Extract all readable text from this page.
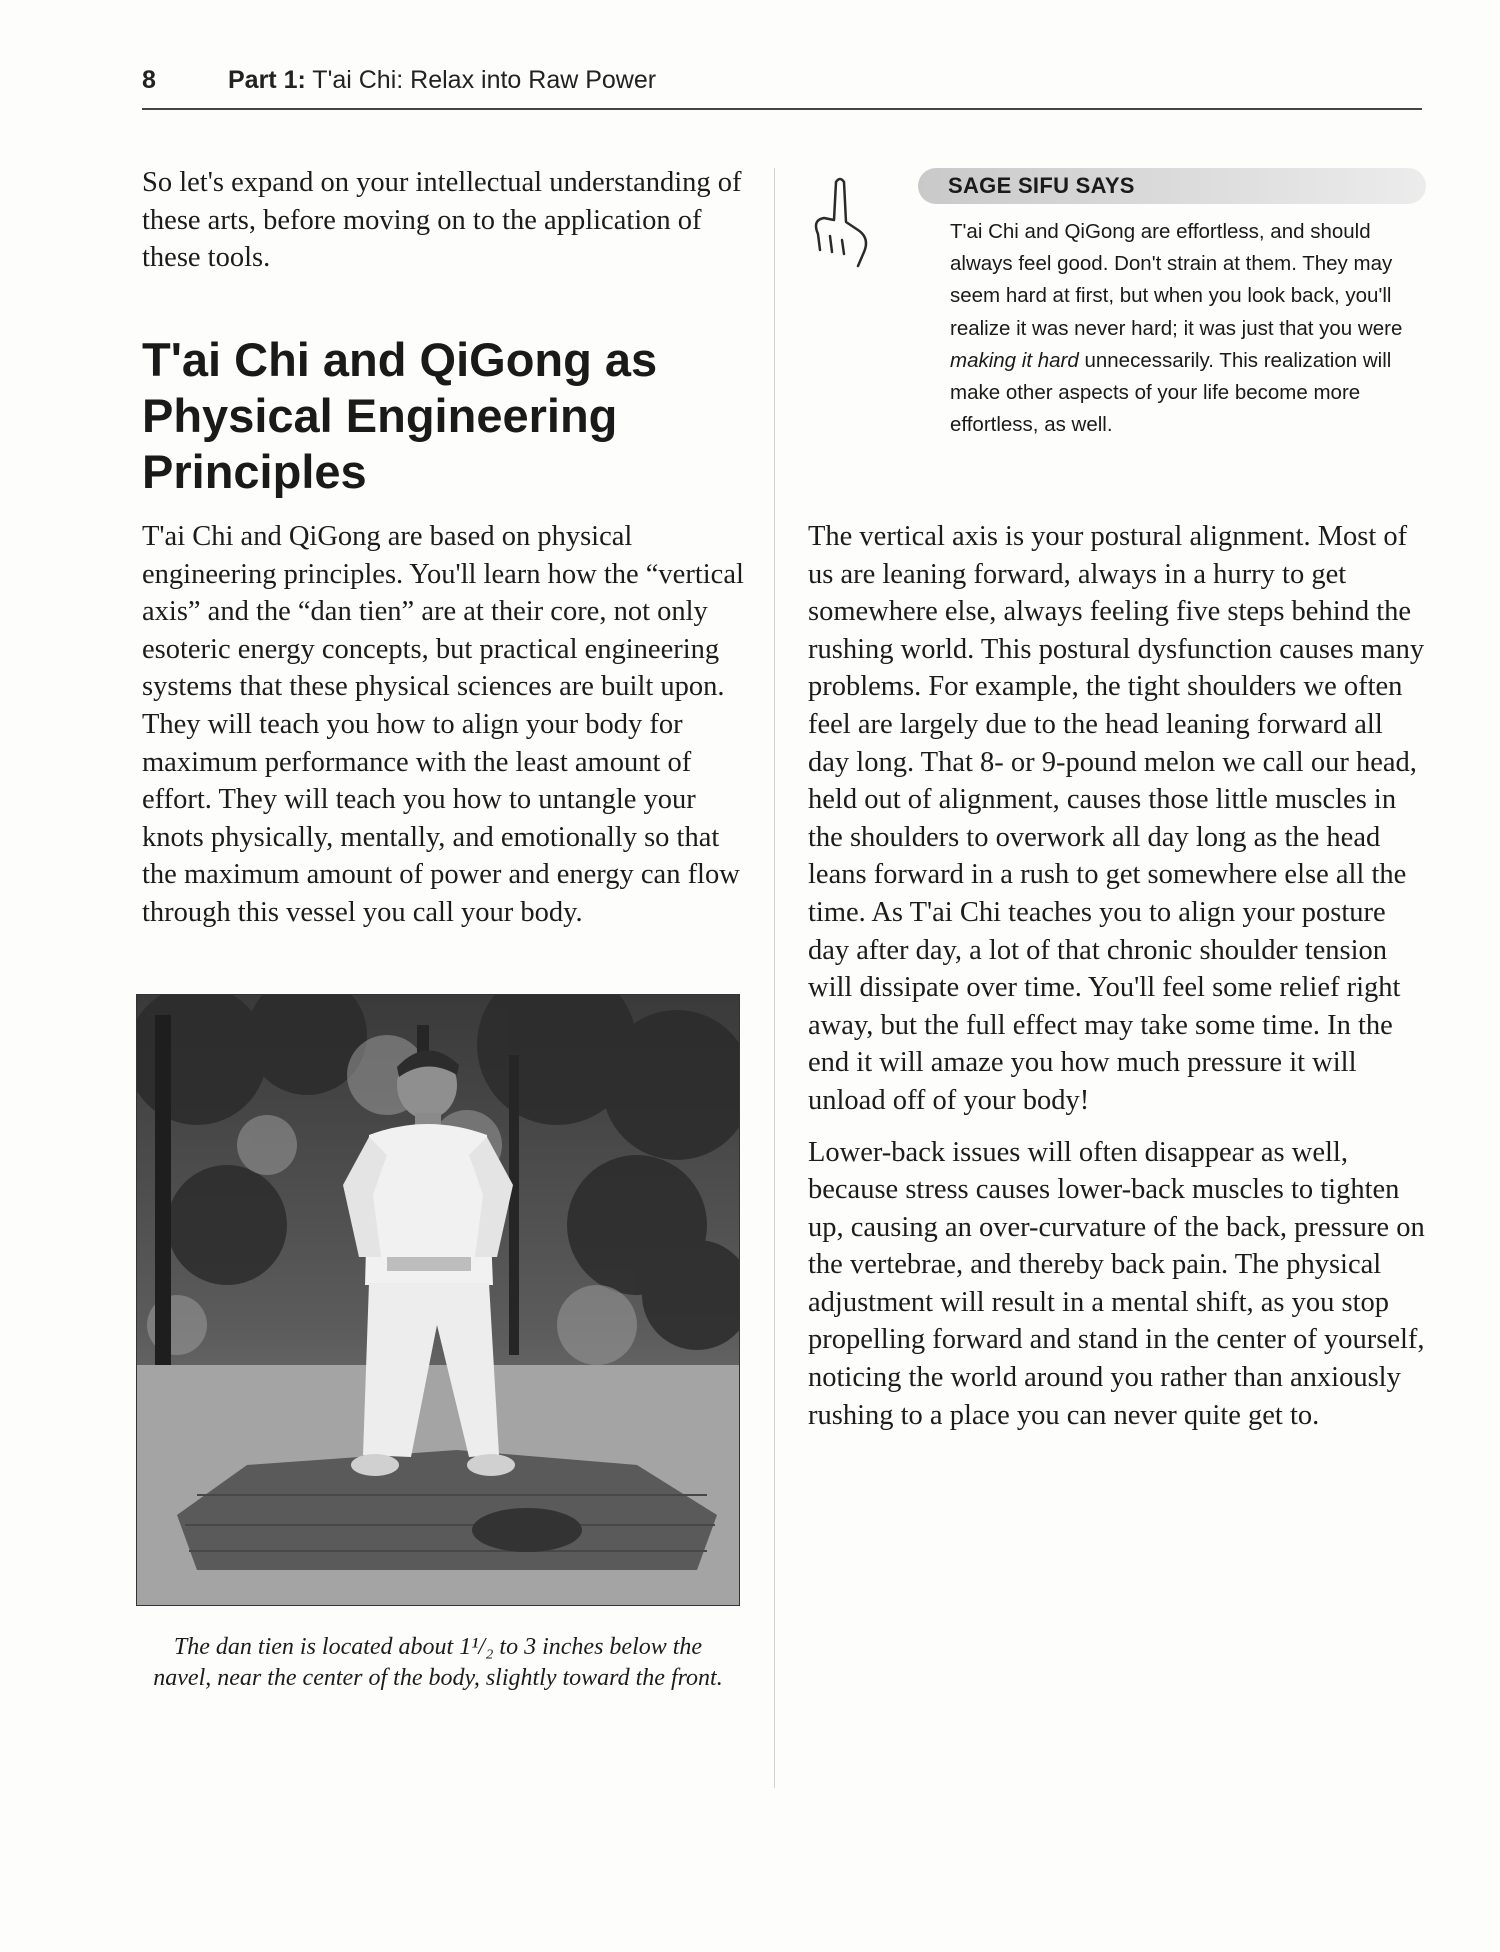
8	Part 1: T'ai Chi: Relax into Raw Power

So let's expand on your intellectual understanding of these arts, before moving on to the application of these tools.

T'ai Chi and QiGong as Physical Engineering Principles

T'ai Chi and QiGong are based on physical engineering principles. You'll learn how the “vertical axis” and the “dan tien” are at their core, not only esoteric energy concepts, but practical engineering systems that these physical sciences are built upon. They will teach you how to align your body for maximum performance with the least amount of effort. They will teach you how to untangle your knots physically, mentally, and emotionally so that the maximum amount of power and energy can flow through this vessel you call your body.

The dan tien is located about 1¹/₂ to 3 inches below the navel, near the center of the body, slightly toward the front.

SAGE SIFU SAYS

T'ai Chi and QiGong are effortless, and should always feel good. Don't strain at them. They may seem hard at first, but when you look back, you'll realize it was never hard; it was just that you were making it hard unnecessarily. This realization will make other aspects of your life become more effortless, as well.

The vertical axis is your postural alignment. Most of us are leaning forward, always in a hurry to get somewhere else, always feeling five steps behind the rushing world. This postural dysfunction causes many problems. For example, the tight shoulders we often feel are largely due to the head leaning forward all day long. That 8- or 9-pound melon we call our head, held out of alignment, causes those little muscles in the shoulders to overwork all day long as the head leans forward in a rush to get somewhere else all the time. As T'ai Chi teaches you to align your posture day after day, a lot of that chronic shoulder tension will dissipate over time. You'll feel some relief right away, but the full effect may take some time. In the end it will amaze you how much pressure it will unload off of your body!

Lower-back issues will often disappear as well, because stress causes lower-back muscles to tighten up, causing an over-curvature of the back, pressure on the vertebrae, and thereby back pain. The physical adjustment will result in a mental shift, as you stop propelling forward and stand in the center of yourself, noticing the world around you rather than anxiously rushing to a place you can never quite get to.
